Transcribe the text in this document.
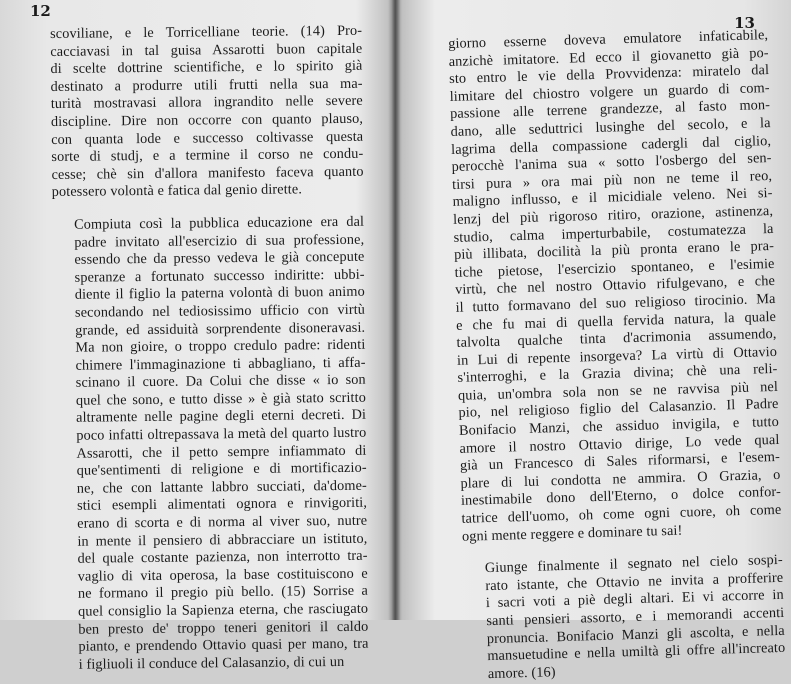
12

scoviliane, e le Torricelliane teorie. (14) Pro-
cacciavasi in tal guisa Assarotti buon capitale
di scelte dottrine scientifiche, e lo spirito già
destinato a produrre utili frutti nella sua ma-
turità mostravasi allora ingrandito nelle severe
discipline. Dire non occorre con quanto plauso,
con quanta lode e successo coltivasse questa
sorte di studj, e a termine il corso ne condu-
cesse; chè sin d'allora manifesto faceva quanto
potessero volontà e fatica dal genio dirette.

Compiuta così la pubblica educazione era dal
padre invitato all'esercizio di sua professione,
essendo che da presso vedeva le già concepute
speranze a fortunato successo indiritte: ubbi-
diente il figlio la paterna volontà di buon animo
secondando nel tediosissimo ufficio con virtù
grande, ed assiduità sorprendente disoneravasi.
Ma non gioire, o troppo credulo padre: ridenti
chimere l'immaginazione ti abbagliano, ti affa-
scinano il cuore. Da Colui che disse « io son
quel che sono, e tutto disse » è già stato scritto
altramente nelle pagine degli eterni decreti. Di
poco infatti oltrepassava la metà del quarto lustro
Assarotti, che il petto sempre infiammato di
que'sentimenti di religione e di mortificazio-
ne, che con lattante labbro succiati, da'dome-
stici esempli alimentati ognora e rinvigoriti,
erano di scorta e di norma al viver suo, nutre
in mente il pensiero di abbracciare un istituto,
del quale costante pazienza, non interrotto tra-
vaglio di vita operosa, la base costituiscono e
ne formano il pregio più bello. (15) Sorrise a
quel consiglio la Sapienza eterna, che rasciugato
ben presto de' troppo teneri genitori il caldo
pianto, e prendendo Ottavio quasi per mano, tra
i figliuoli il conduce del Calasanzio, di cui un

13

giorno esserne doveva emulatore infaticabile,
anzichè imitatore. Ed ecco il giovanetto già po-
sto entro le vie della Provvidenza: miratelo dal
limitare del chiostro volgere un guardo di com-
passione alle terrene grandezze, al fasto mon-
dano, alle seduttrici lusinghe del secolo, e la
lagrima della compassione cadergli dal ciglio,
perocchè l'anima sua « sotto l'osbergo del sen-
tirsi pura » ora mai più non ne teme il reo,
maligno influsso, e il micidiale veleno. Nei si-
lenzj del più rigoroso ritiro, orazione, astinenza,
studio, calma imperturbabile, costumatezza la
più illibata, docilità la più pronta erano le pra-
tiche pietose, l'esercizio spontaneo, e l'esimie
virtù, che nel nostro Ottavio rifulgevano, e che
il tutto formavano del suo religioso tirocinio. Ma
e che fu mai di quella fervida natura, la quale
talvolta qualche tinta d'acrimonia assumendo,
in Lui di repente insorgeva? La virtù di Ottavio
s'interroghi, e la Grazia divina; chè una reli-
quia, un'ombra sola non se ne ravvisa più nel
pio, nel religioso figlio del Calasanzio. Il Padre
Bonifacio Manzi, che assiduo invigila, e tutto
amore il nostro Ottavio dirige, Lo vede qual
già un Francesco di Sales riformarsi, e l'esem-
plare di lui condotta ne ammira. O Grazia, o
inestimabile dono dell'Eterno, o dolce confor-
tatrice dell'uomo, oh come ogni cuore, oh come
ogni mente reggere e dominare tu sai!

Giunge finalmente il segnato nel cielo sospi-
rato istante, che Ottavio ne invita a profferire
i sacri voti a piè degli altari. Ei vi accorre in
santi pensieri assorto, e i memorandi accenti
pronuncia. Bonifacio Manzi gli ascolta, e nella
mansuetudine e nella umiltà gli offre all'increato
amore. (16)
